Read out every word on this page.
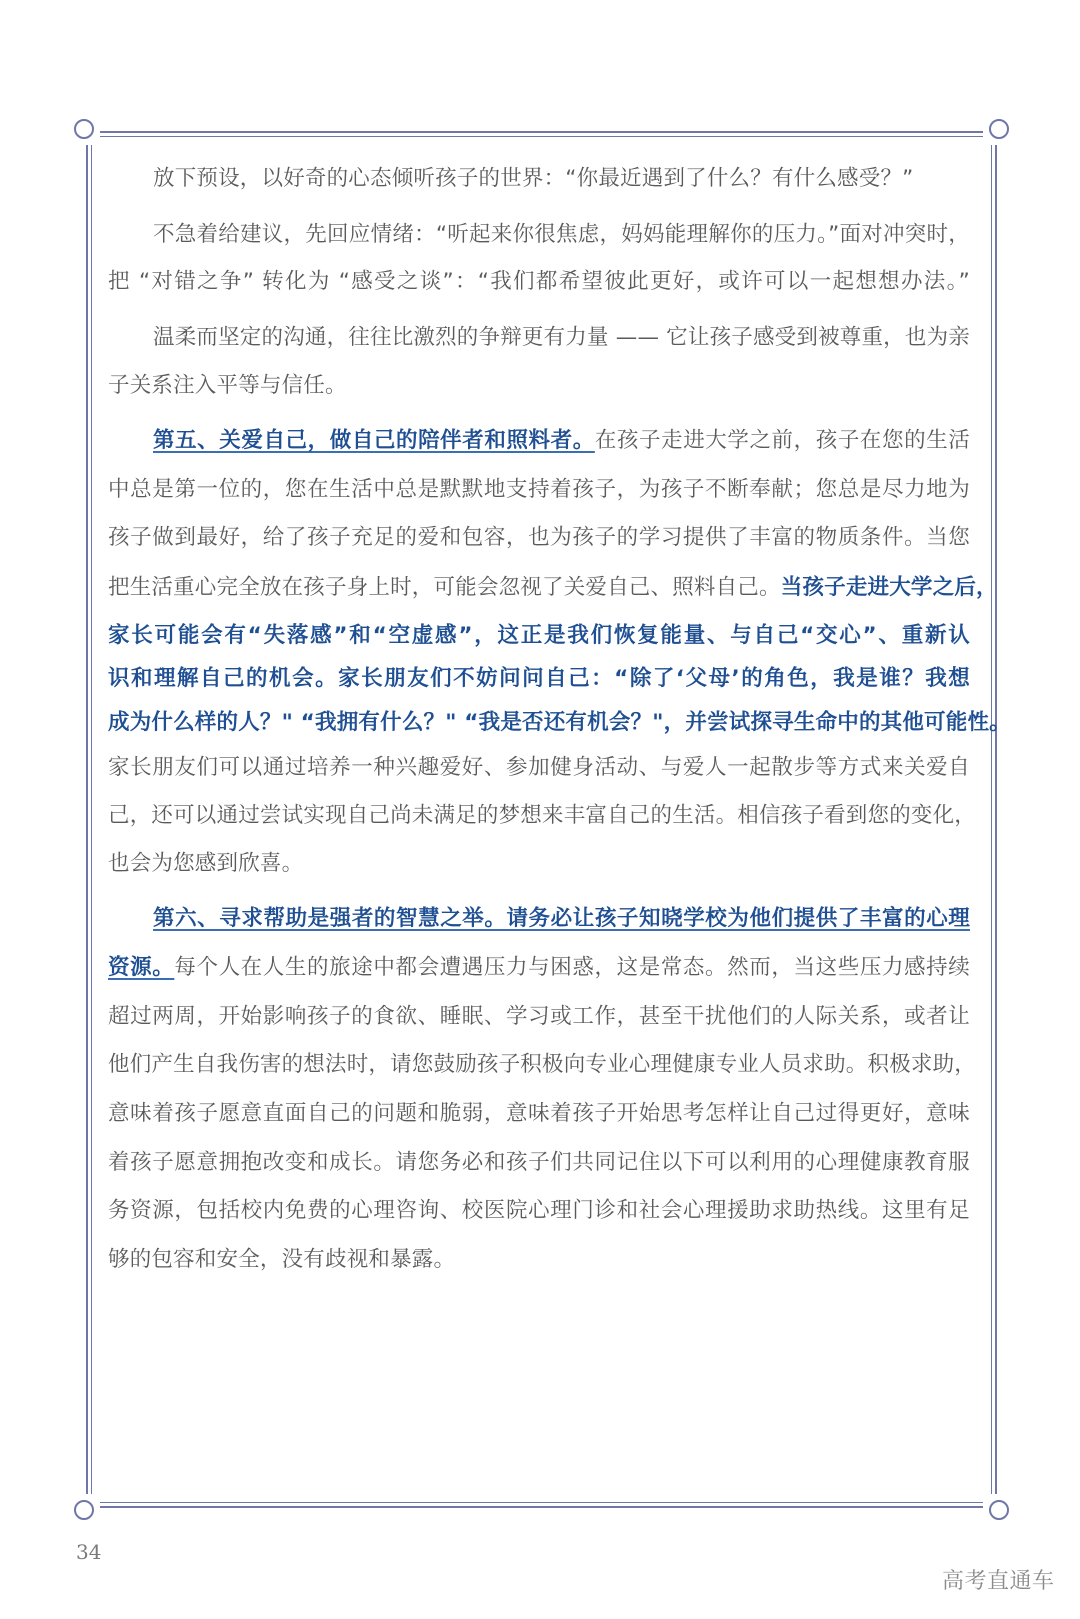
放下预设，以好奇的心态倾听孩子的世界：“你最近遇到了什么？有什么感受？”
不急着给建议，先回应情绪：“听起来你很焦虑，妈妈能理解你的压力。”面对冲突时，
把 “对错之争” 转化为 “感受之谈”：“我们都希望彼此更好，或许可以一起想想办法。”
温柔而坚定的沟通，往往比激烈的争辩更有力量 —— 它让孩子感受到被尊重，也为亲
子关系注入平等与信任。
第五、关爱自己，做自己的陪伴者和照料者。在孩子走进大学之前，孩子在您的生活
中总是第一位的，您在生活中总是默默地支持着孩子，为孩子不断奉献；您总是尽力地为
孩子做到最好，给了孩子充足的爱和包容，也为孩子的学习提供了丰富的物质条件。当您
把生活重心完全放在孩子身上时，可能会忽视了关爱自己、照料自己。当孩子走进大学之后，
家长可能会有“失落感”和“空虚感”，这正是我们恢复能量、与自己“交心”、重新认
识和理解自己的机会。家长朋友们不妨问问自己：“除了‘父母’的角色，我是谁？我想
成为什么样的人？" “我拥有什么？" “我是否还有机会？"，并尝试探寻生命中的其他可能性。
家长朋友们可以通过培养一种兴趣爱好、参加健身活动、与爱人一起散步等方式来关爱自
己，还可以通过尝试实现自己尚未满足的梦想来丰富自己的生活。相信孩子看到您的变化，
也会为您感到欣喜。
第六、寻求帮助是强者的智慧之举。请务必让孩子知晓学校为他们提供了丰富的心理
资源。每个人在人生的旅途中都会遭遇压力与困惑，这是常态。然而，当这些压力感持续
超过两周，开始影响孩子的食欲、睡眠、学习或工作，甚至干扰他们的人际关系，或者让
他们产生自我伤害的想法时，请您鼓励孩子积极向专业心理健康专业人员求助。积极求助，
意味着孩子愿意直面自己的问题和脆弱，意味着孩子开始思考怎样让自己过得更好，意味
着孩子愿意拥抱改变和成长。请您务必和孩子们共同记住以下可以利用的心理健康教育服
务资源，包括校内免费的心理咨询、校医院心理门诊和社会心理援助求助热线。这里有足
够的包容和安全，没有歧视和暴露。
34
高考直通车
